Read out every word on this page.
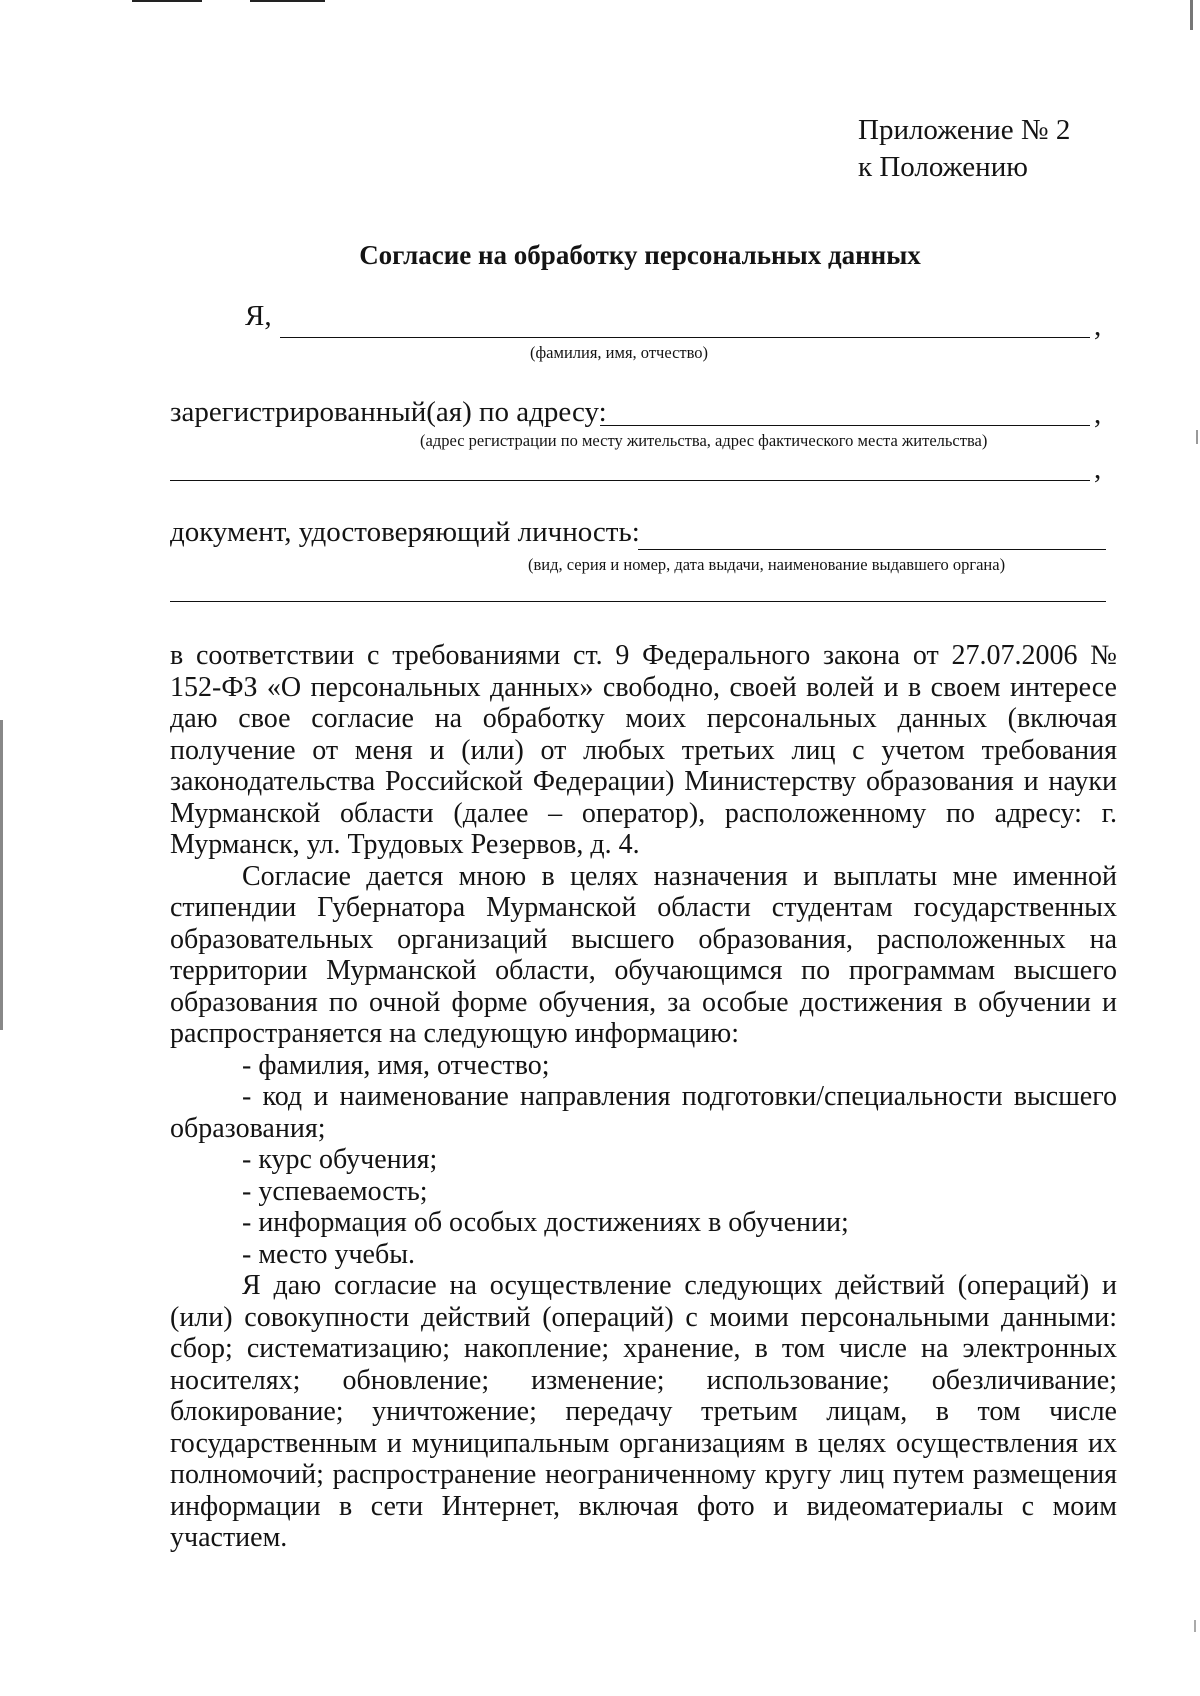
Приложение № 2
к Положению
Согласие на обработку персональных данных
Я,	,
(фамилия, имя, отчество)
зарегистрированный(ая) по адресу:	,
(адрес регистрации по месту жительства, адрес фактического места жительства)
,
документ, удостоверяющий личность:
(вид, серия и номер, дата выдачи, наименование выдавшего органа)

в соответствии с требованиями ст. 9 Федерального закона от 27.07.2006 № 152-ФЗ «О персональных данных» свободно, своей волей и в своем интересе даю свое согласие на обработку моих персональных данных (включая получение от меня и (или) от любых третьих лиц с учетом требования законодательства Российской Федерации) Министерству образования и науки Мурманской области (далее – оператор), расположенному по адресу: г. Мурманск, ул. Трудовых Резервов, д. 4.

Согласие дается мною в целях назначения и выплаты мне именной стипендии Губернатора Мурманской области студентам государственных образовательных организаций высшего образования, расположенных на территории Мурманской области, обучающимся по программам высшего образования по очной форме обучения, за особые достижения в обучении и распространяется на следующую информацию:

- фамилия, имя, отчество;

- код и наименование направления подготовки/специальности высшего образования;

- курс обучения;

- успеваемость;

- информация об особых достижениях в обучении;

- место учебы.

Я даю согласие на осуществление следующих действий (операций) и (или) совокупности действий (операций) с моими персональными данными: сбор; систематизацию; накопление; хранение, в том числе на электронных носителях; обновление; изменение; использование; обезличивание; блокирование; уничтожение; передачу третьим лицам, в том числе государственным и муниципальным организациям в целях осуществления их полномочий; распространение неограниченному кругу лиц путем размещения информации в сети Интернет, включая фото и видеоматериалы с моим участием.
